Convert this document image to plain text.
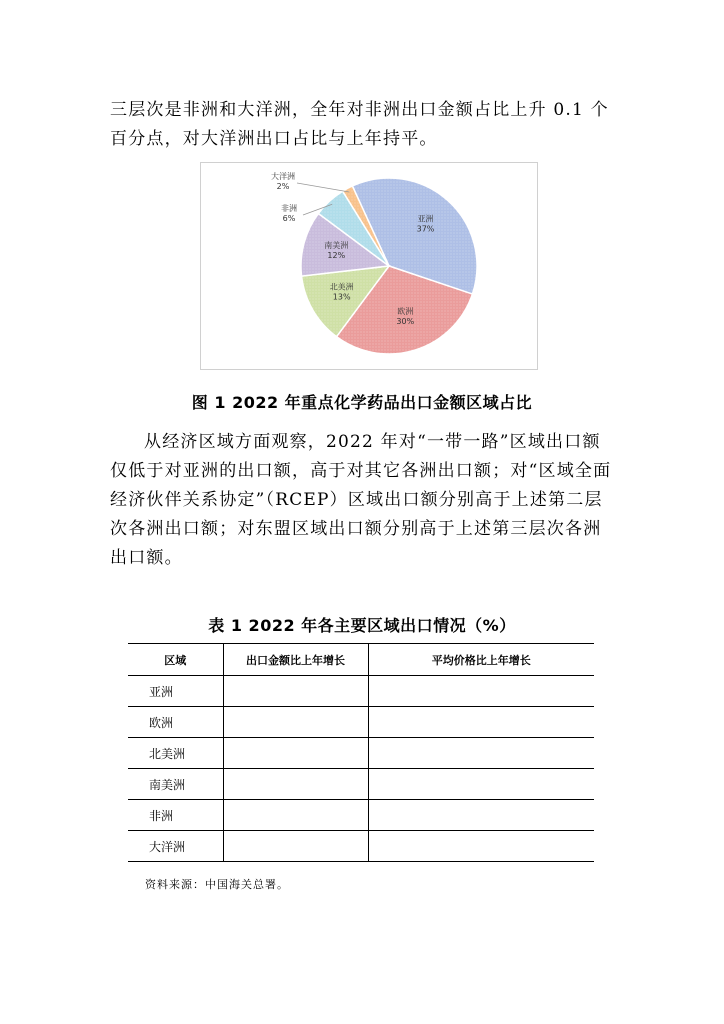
三层次是非洲和大洋洲，全年对非洲出口金额占比上升 0.1 个百分点，对大洋洲出口占比与上年持平。

亚洲
37%
欧洲
30%
北美洲
13%
南美洲
12%
非洲
6%
大洋洲
2%
图 1 2022 年重点化学药品出口金额区域占比

从经济区域方面观察，2022 年对“一带一路”区域出口额仅低于对亚洲的出口额，高于对其它各洲出口额；对“区域全面经济伙伴关系协定”（RCEP）区域出口额分别高于上述第二层次各洲出口额；对东盟区域出口额分别高于上述第三层次各洲出口额。

表 1 2022 年各主要区域出口情况（%）
区域	出口金额比上年增长	平均价格比上年增长
亚洲		
欧洲		
北美洲		
南美洲		
非洲		
大洋洲		
资料来源：中国海关总署。
